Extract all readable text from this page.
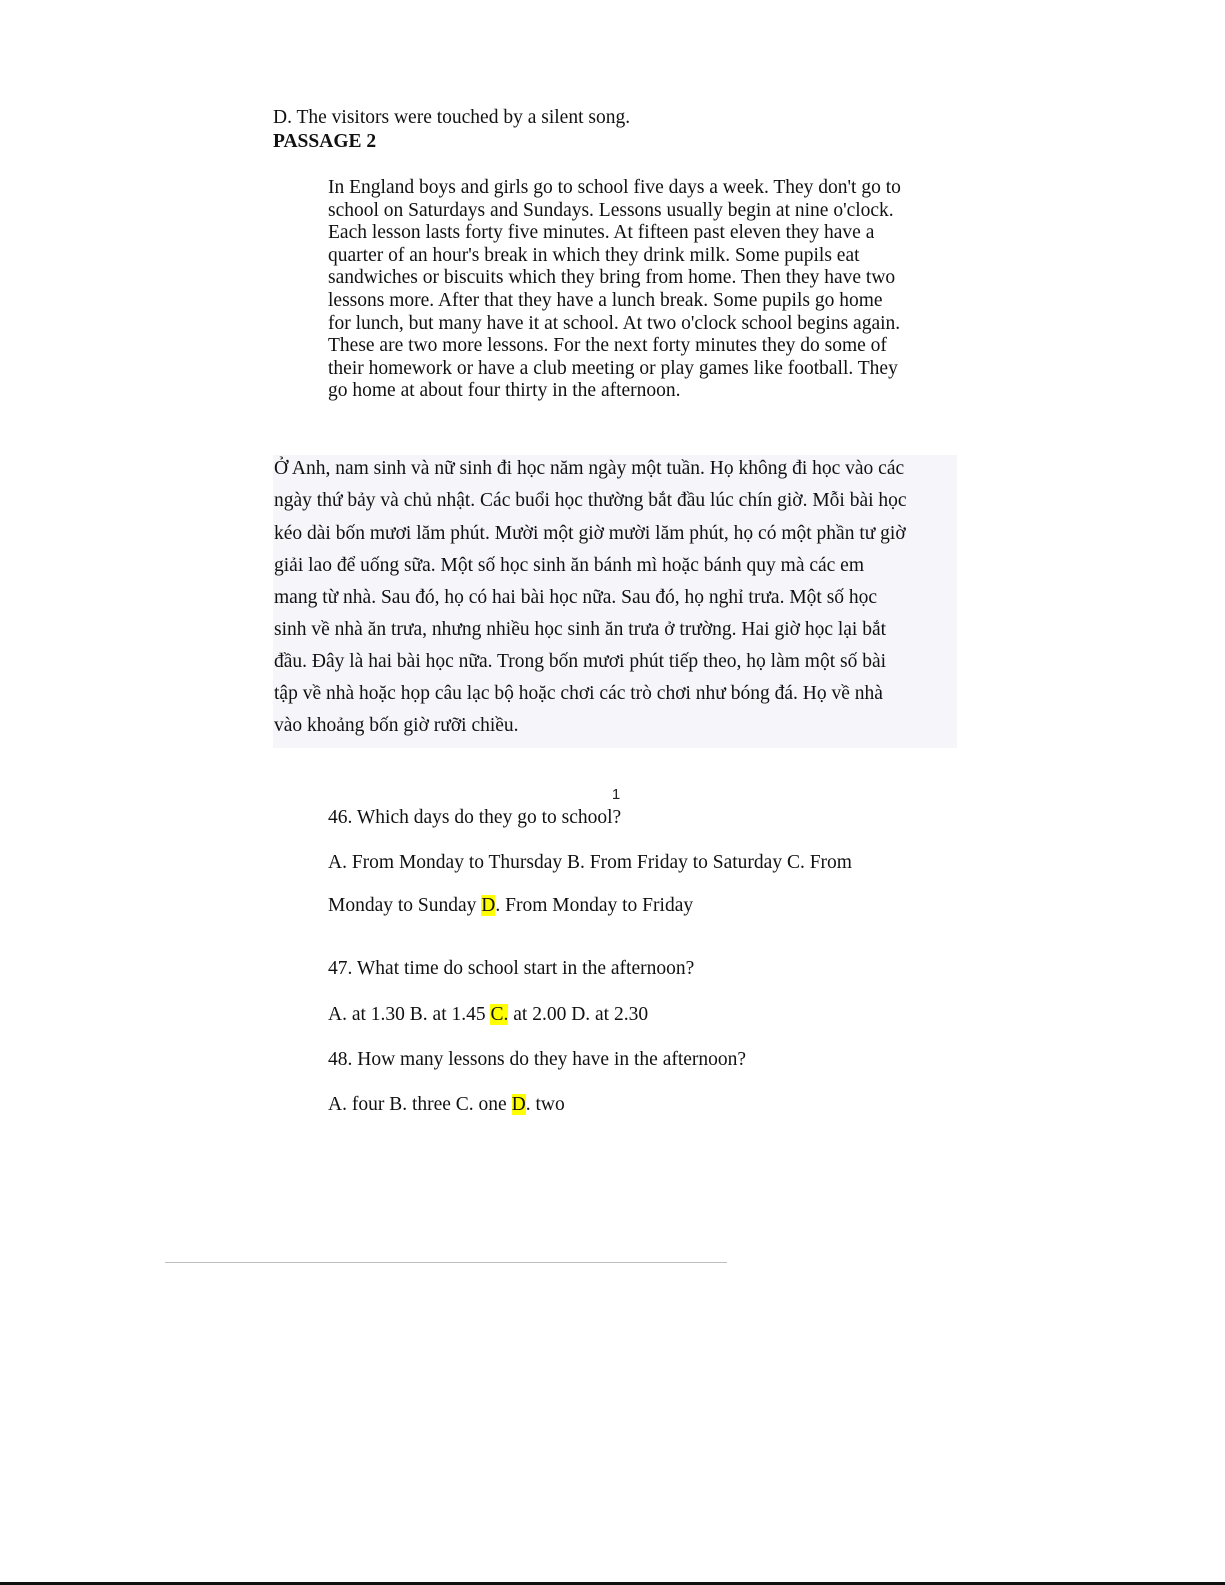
D. The visitors were touched by a silent song.
PASSAGE 2
In England boys and girls go to school five days a week. They don't go to
school on Saturdays and Sundays. Lessons usually begin at nine o'clock.
Each lesson lasts forty five minutes. At fifteen past eleven they have a
quarter of an hour's break in which they drink milk. Some pupils eat
sandwiches or biscuits which they bring from home. Then they have two
lessons more. After that they have a lunch break. Some pupils go home
for lunch, but many have it at school. At two o'clock school begins again.
These are two more lessons. For the next forty minutes they do some of
their homework or have a club meeting or play games like football. They
go home at about four thirty in the afternoon.
Ở Anh, nam sinh và nữ sinh đi học năm ngày một tuần. Họ không đi học vào các
ngày thứ bảy và chủ nhật. Các buổi học thường bắt đầu lúc chín giờ. Mỗi bài học
kéo dài bốn mươi lăm phút. Mười một giờ mười lăm phút, họ có một phần tư giờ
giải lao để uống sữa. Một số học sinh ăn bánh mì hoặc bánh quy mà các em
mang từ nhà. Sau đó, họ có hai bài học nữa. Sau đó, họ nghỉ trưa. Một số học
sinh về nhà ăn trưa, nhưng nhiều học sinh ăn trưa ở trường. Hai giờ học lại bắt
đầu. Đây là hai bài học nữa. Trong bốn mươi phút tiếp theo, họ làm một số bài
tập về nhà hoặc họp câu lạc bộ hoặc chơi các trò chơi như bóng đá. Họ về nhà
vào khoảng bốn giờ rưỡi chiều.
1
46. Which days do they go to school?
A. From Monday to Thursday B. From Friday to Saturday C. From
Monday to Sunday D. From Monday to Friday
47. What time do school start in the afternoon?
A. at 1.30 B. at 1.45 C. at 2.00 D. at 2.30
48. How many lessons do they have in the afternoon?
A. four B. three C. one D. two
